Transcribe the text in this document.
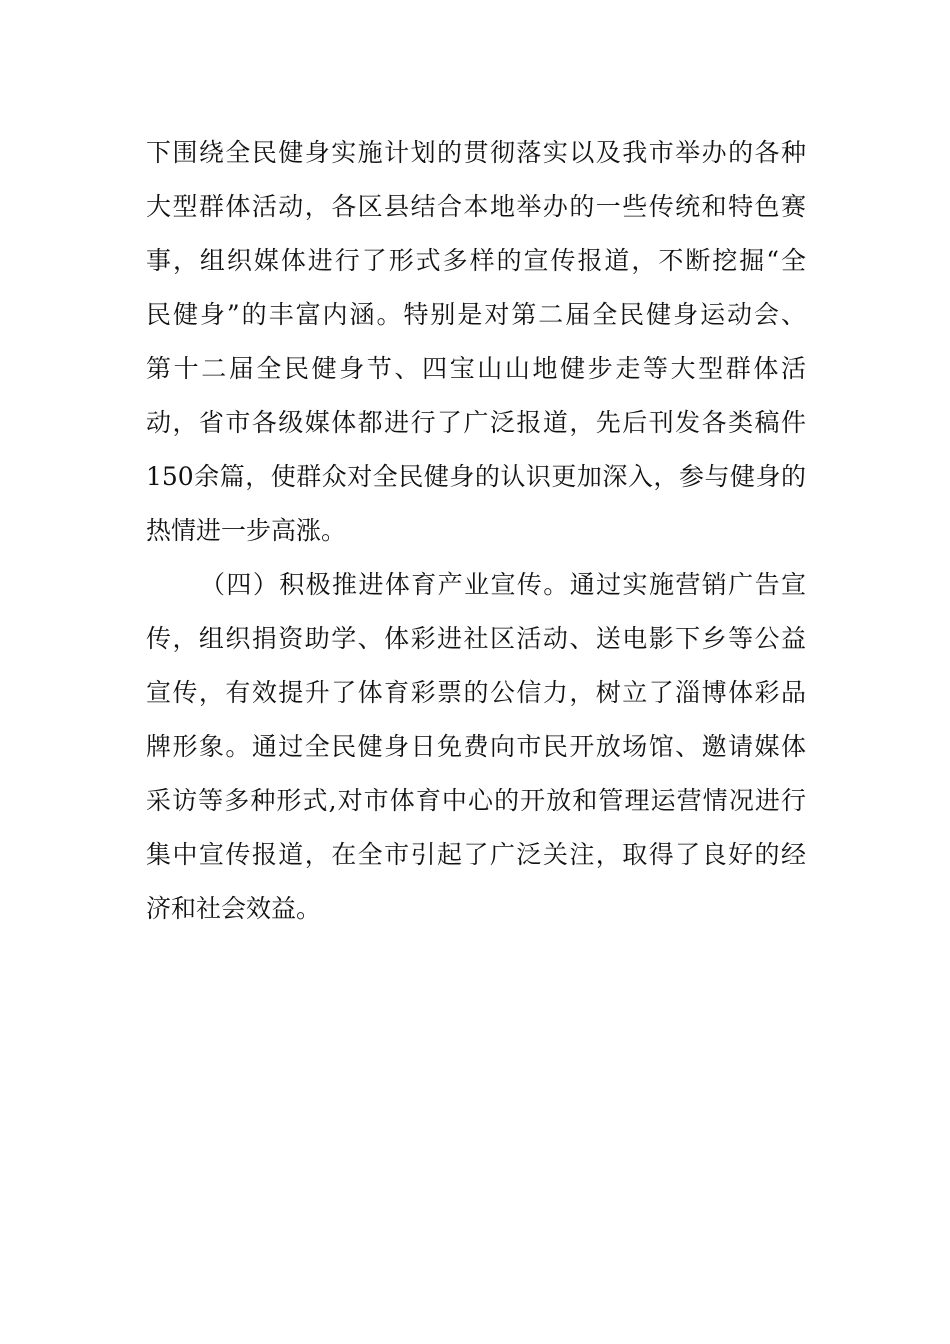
下围绕全民健身实施计划的贯彻落实以及我市举办的各种
大型群体活动，各区县结合本地举办的一些传统和特色赛
事，组织媒体进行了形式多样的宣传报道，不断挖掘“全
民健身”的丰富内涵。特别是对第二届全民健身运动会、
第十二届全民健身节、四宝山山地健步走等大型群体活
动，省市各级媒体都进行了广泛报道，先后刊发各类稿件
150余篇，使群众对全民健身的认识更加深入，参与健身的
热情进一步高涨。
（四）积极推进体育产业宣传。通过实施营销广告宣
传，组织捐资助学、体彩进社区活动、送电影下乡等公益
宣传，有效提升了体育彩票的公信力，树立了淄博体彩品
牌形象。通过全民健身日免费向市民开放场馆、邀请媒体
采访等多种形式,对市体育中心的开放和管理运营情况进行
集中宣传报道，在全市引起了广泛关注，取得了良好的经
济和社会效益。
